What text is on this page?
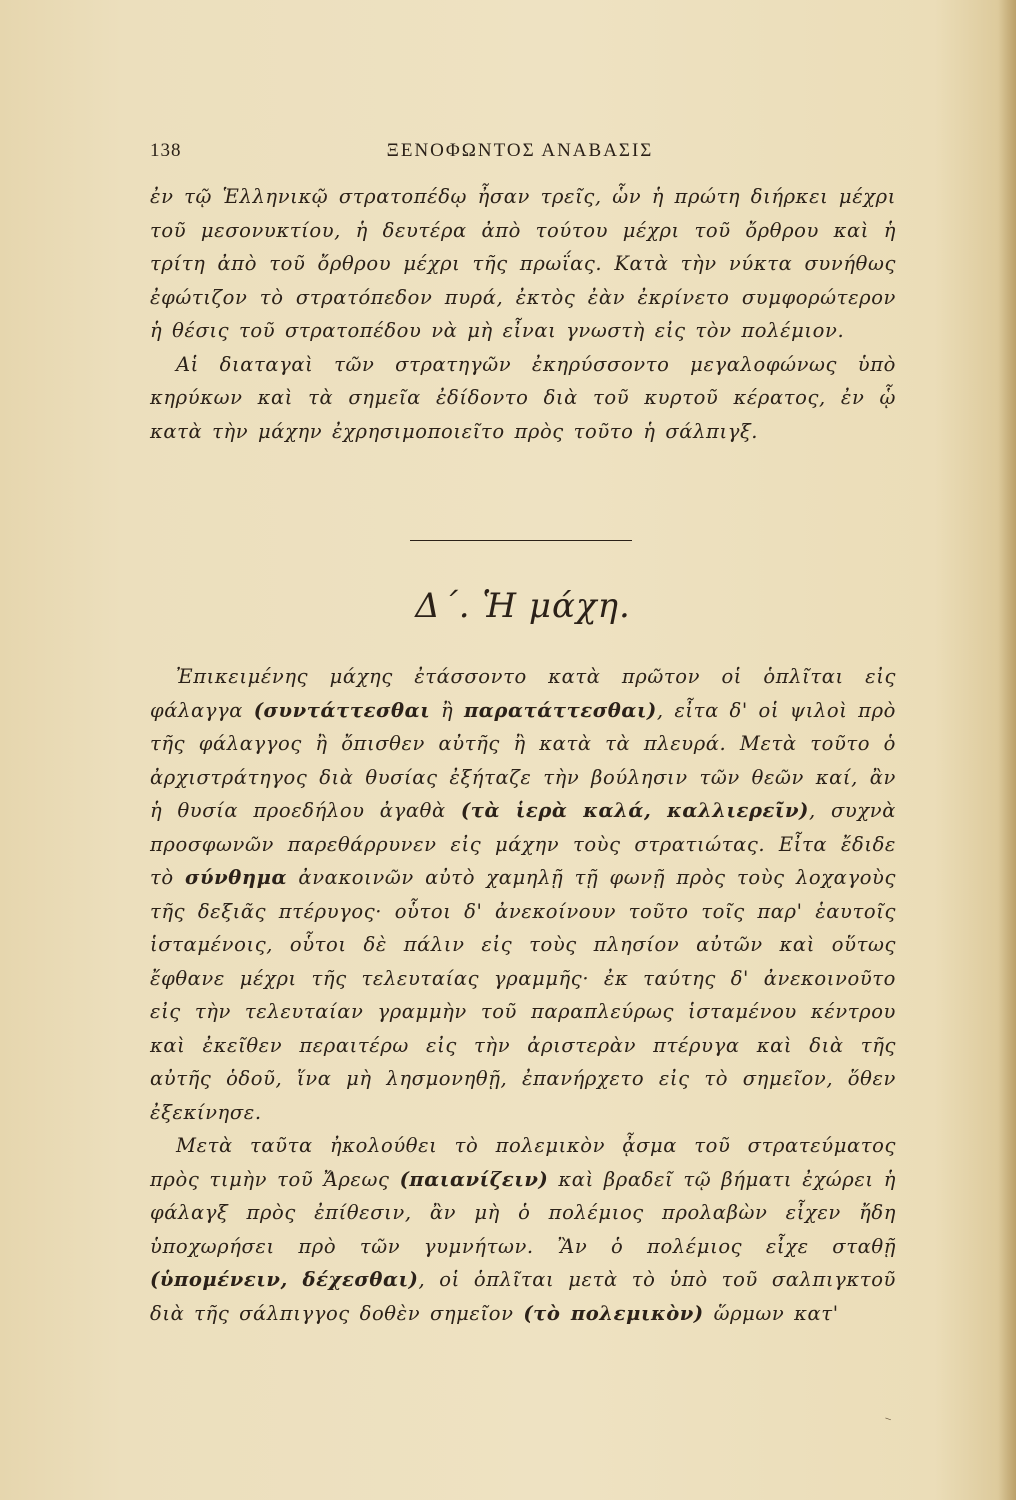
138	ΞΕΝΟΦΩΝΤΟΣ ΑΝΑΒΑΣΙΣ

ἐν τῷ Ἑλληνικῷ στρατοπέδῳ ἦσαν τρεῖς, ὧν ἡ πρώτη διήρκει μέχρι τοῦ μεσονυκτίου, ἡ δευτέρα ἀπὸ τούτου μέχρι τοῦ ὄρθρου καὶ ἡ τρίτη ἀπὸ τοῦ ὄρθρου μέχρι τῆς πρωΐας. Κατὰ τὴν νύκτα συνήθως ἐφώτιζον τὸ στρατόπεδον πυρά, ἐκτὸς ἐὰν ἐκρίνετο συμφορώτερον ἡ θέσις τοῦ στρατοπέδου νὰ μὴ εἶναι γνωστὴ εἰς τὸν πολέμιον.

Αἱ διαταγαὶ τῶν στρατηγῶν ἐκηρύσσοντο μεγαλοφώνως ὑπὸ κηρύκων καὶ τὰ σημεῖα ἐδίδοντο διὰ τοῦ κυρτοῦ κέρατος, ἐν ᾧ κατὰ τὴν μάχην ἐχρησιμοποιεῖτο πρὸς τοῦτο ἡ σάλπιγξ.

Δ΄. Ἡ μάχη.

Ἐπικειμένης μάχης ἐτάσσοντο κατὰ πρῶτον οἱ ὁπλῖται εἰς φάλαγγα (συντάττεσθαι ἢ παρατάττεσθαι), εἶτα δ' οἱ ψιλοὶ πρὸ τῆς φάλαγγος ἢ ὄπισθεν αὐτῆς ἢ κατὰ τὰ πλευρά. Μετὰ τοῦτο ὁ ἀρχιστράτηγος διὰ θυσίας ἐξήταζε τὴν βούλησιν τῶν θεῶν καί, ἂν ἡ θυσία προεδήλου ἀγαθὰ (τὰ ἱερὰ καλά, καλλιερεῖν), συχνὰ προσφωνῶν παρεθάρρυνεν εἰς μάχην τοὺς στρατιώτας. Εἶτα ἔδιδε τὸ σύνθημα ἀνακοινῶν αὐτὸ χαμηλῇ τῇ φωνῇ πρὸς τοὺς λοχαγοὺς τῆς δεξιᾶς πτέρυγος· οὗτοι δ' ἀνεκοίνουν τοῦτο τοῖς παρ' ἑαυτοῖς ἱσταμένοις, οὗτοι δὲ πάλιν εἰς τοὺς πλησίον αὐτῶν καὶ οὕτως ἔφθανε μέχρι τῆς τελευταίας γραμμῆς· ἐκ ταύτης δ' ἀνεκοινοῦτο εἰς τὴν τελευταίαν γραμμὴν τοῦ παραπλεύρως ἱσταμένου κέντρου καὶ ἐκεῖθεν περαιτέρω εἰς τὴν ἀριστερὰν πτέρυγα καὶ διὰ τῆς αὐτῆς ὁδοῦ, ἵνα μὴ λησμονηθῇ, ἐπανήρχετο εἰς τὸ σημεῖον, ὅθεν ἐξεκίνησε.

Μετὰ ταῦτα ἠκολούθει τὸ πολεμικὸν ᾆσμα τοῦ στρατεύματος πρὸς τιμὴν τοῦ Ἄρεως (παιανίζειν) καὶ βραδεῖ τῷ βήματι ἐχώρει ἡ φάλαγξ πρὸς ἐπίθεσιν, ἂν μὴ ὁ πολέμιος προλαβὼν εἶχεν ἤδη ὑποχωρήσει πρὸ τῶν γυμνήτων. Ἂν ὁ πολέμιος εἶχε σταθῇ (ὑπομένειν, δέχεσθαι), οἱ ὁπλῖται μετὰ τὸ ὑπὸ τοῦ σαλπιγκτοῦ διὰ τῆς σάλπιγγος δοθὲν σημεῖον (τὸ πολεμικὸν) ὥρμων κατ'

⸌
